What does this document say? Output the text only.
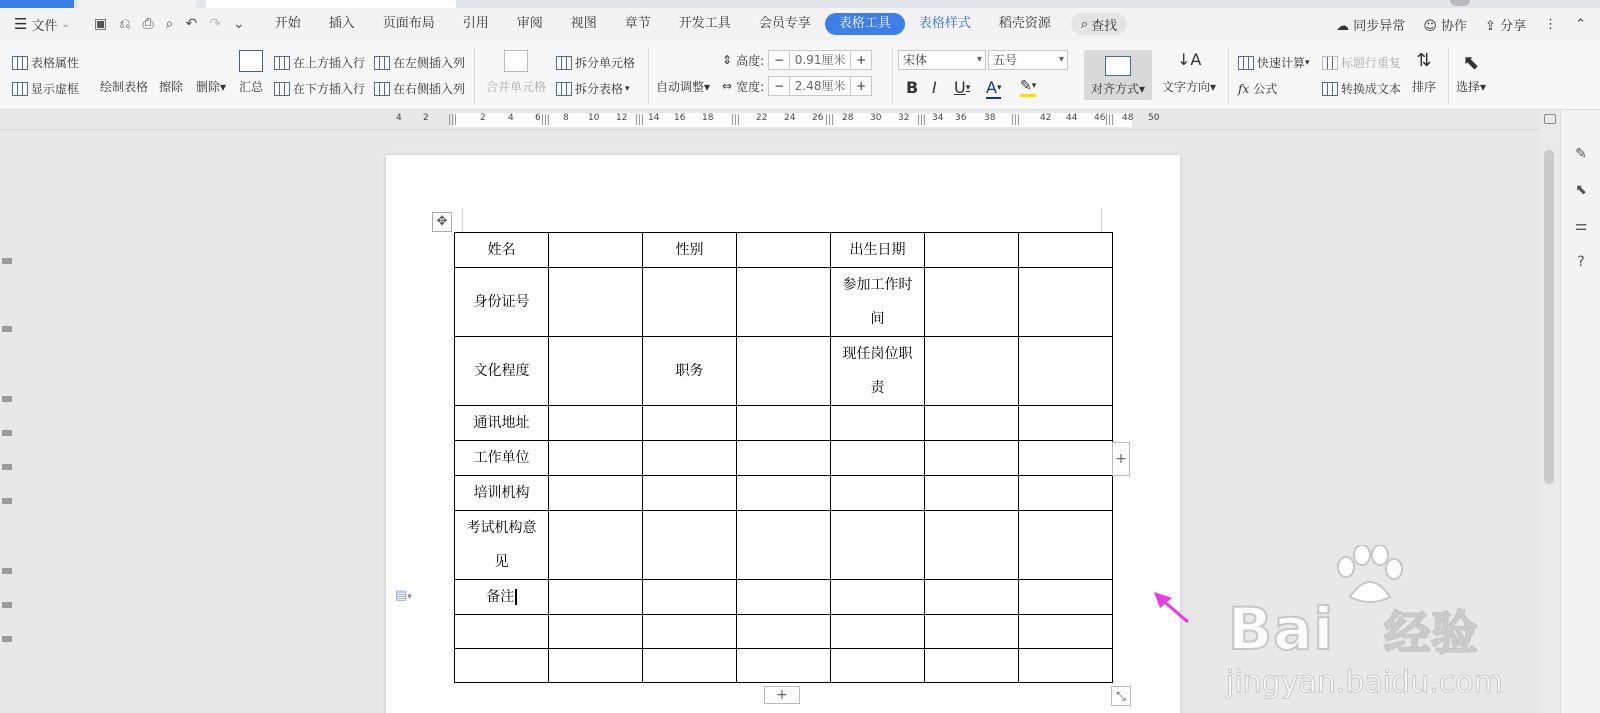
☰ 文件 ⌄ ▣ ⎌ ⎙ ⌕ ↶ ↷ ⌄	开始	插入	页面布局	引用	审阅	视图	章节	开发工具	会员专享	表格工具	表格样式	稻壳资源	⌕ 查找	☁ 同步异常 ☺ 协作 ⇪ 分享 ⋮ ⌃
表格属性
显示虚框 绘制表格 擦除 删除▾ 汇总
在上方插入行
在下方插入行
在左侧插入列
在右侧插入列 合并单元格
拆分单元格
拆分表格 ▾ 自动调整▾
⇕ 高度: − 0.91厘米 +
⇔ 宽度: − 2.48厘米 +
宋体 ▾	五号 ▾
B I U ▾ A ▾ ✎ ▾	对齐方式▾
↓A
文字方向▾
快速计算 ▾
fx 公式
标题行重复
转换成文本
⇅
排序
⬉
选择▾
4 2	2 4 6 8 10 12 14 16 18	22 24 26 28 30 32	34 36 38	42 44 46 48 50
✎
⬉
⚌
?
✥
姓名		性别		出生日期		
身份证号				参加工作时间		
文化程度		职务		现任岗位职责		
通讯地址						
工作单位						
培训机构						
考试机构意见						
备注						

+
+	⤡
▤▾	Bai 经验
jingyan.baidu.com
